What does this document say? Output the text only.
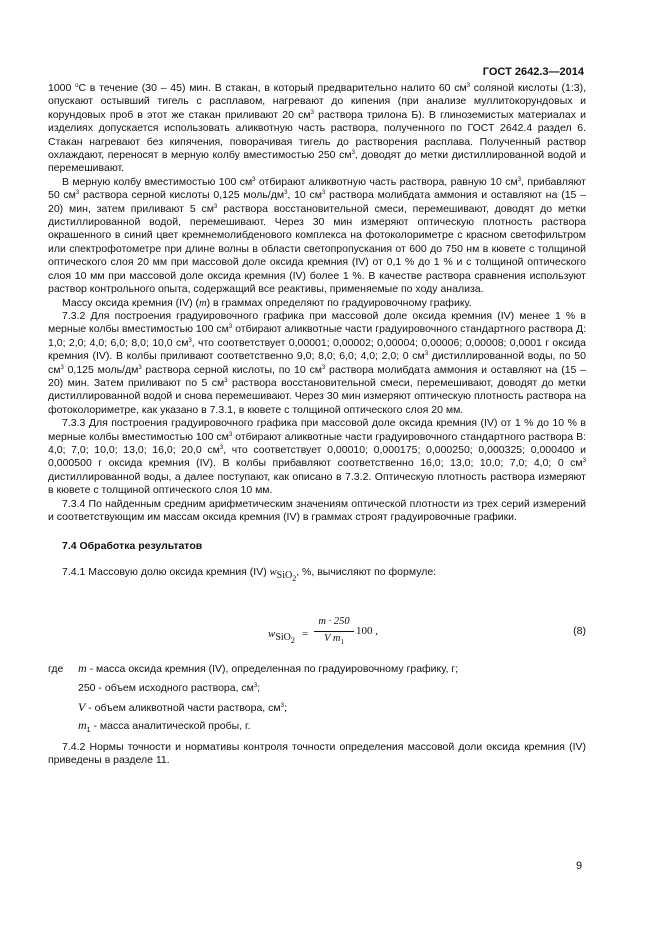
ГОСТ 2642.3—2014

1000 $^о$С в течение (30 – 45) мин. В стакан, в который предварительно налито 60 $см^3$ соляной кислоты (1:3), опускают остывший тигель с расплавом, нагревают до кипения (при анализе муллитокорундовых и корундовых проб в этот же стакан приливают 20 $см^3$ раствора трилона Б). В глиноземистых материалах и изделиях допускается использовать аликвотную часть раствора, полученного по ГОСТ 2642.4 раздел 6. Стакан нагревают без кипячения, поворачивая тигель до растворения расплава. Полученный раствор охлаждают, переносят в мерную колбу вместимостью 250 $см^3$, доводят до метки дистиллированной водой и перемешивают.

В мерную колбу вместимостью 100 $см^3$ отбирают аликвотную часть раствора, равную 10 $см^3$, прибавляют 50 $см^3$ раствора серной кислоты 0,125 моль/$дм^3$, 10 $см^3$ раствора молибдата аммония и оставляют на (15 – 20) мин, затем приливают 5 $см^3$ раствора восстановительной смеси, перемешивают, доводят до метки дистиллированной водой, перемешивают. Через 30 мин измеряют оптическую плотность раствора окрашенного в синий цвет кремнемолибденового комплекса на фотоколориметре с красном светофильтром или спектрофотометре при длине волны в области светопропускания от 600 до 750 нм в кювете с толщиной оптического слоя 20 мм при массовой доле оксида кремния (IV) от 0,1 % до 1 % и с толщиной оптического слоя 10 мм при массовой доле оксида кремния (IV) более 1 %. В качестве раствора сравнения используют раствор контрольного опыта, содержащий все реактивы, применяемые по ходу анализа.

Массу оксида кремния (IV) (m) в граммах определяют по градуировочному графику.

7.3.2 Для построения градуировочного графика при массовой доле оксида кремния (IV) менее 1 % в мерные колбы вместимостью 100 $см^3$ отбирают аликвотные части градуировочного стандартного раствора Д: 1,0; 2,0; 4,0; 6,0; 8,0; 10,0 $см^3$, что соответствует 0,00001; 0,00002; 0,00004; 0,00006; 0,00008; 0,0001 г оксида кремния (IV). В колбы приливают соответственно 9,0; 8,0; 6,0; 4,0; 2,0; 0 $см^3$ дистиллированной воды, по 50 $см^3$ 0,125 моль/$дм^3$ раствора серной кислоты, по 10 $см^3$ раствора молибдата аммония и оставляют на (15 – 20) мин. Затем приливают по 5 $см^3$ раствора восстановительной смеси, перемешивают, доводят до метки дистиллированной водой и снова перемешивают. Через 30 мин измеряют оптическую плотность раствора на фотоколориметре, как указано в 7.3.1, в кювете с толщиной оптического слоя 20 мм.

7.3.3 Для построения градуировочного графика при массовой доле оксида кремния (IV) от 1 % до 10 % в мерные колбы вместимостью 100 $см^3$ отбирают аликвотные части градуировочного стандартного раствора В: 4,0; 7,0; 10,0; 13,0; 16,0; 20,0 $см^3$, что соответствует 0,00010; 0,000175; 0,000250; 0,000325; 0,000400 и 0,000500 г оксида кремния (IV). В колбы прибавляют соответственно 16,0; 13,0; 10,0; 7,0; 4,0; 0 $см^3$ дистиллированной воды, а далее поступают, как описано в 7.3.2. Оптическую плотность раствора измеряют в кювете с толщиной оптического слоя 10 мм.

7.3.4 По найденным средним арифметическим значениям оптической плотности из трех серий измерений и соответствующим им массам оксида кремния (IV) в граммах строят градуировочные графики.

7.4 Обработка результатов

7.4.1 Массовую долю оксида кремния (IV) $w_{SiO_2}$, %, вычисляют по формуле:

$w_{SiO_2}$
=
m · 250
V $m_1$
100 ,	(8)
где m - масса оксида кремния (IV), определенная по градуировочному графику, г;
250 - объем исходного раствора, $см^3$;
V - объем аликвотной части раствора, $см^3$;
$m_1$ - масса аналитической пробы, г.

7.4.2 Нормы точности и нормативы контроля точности определения массовой доли оксида кремния (IV) приведены в разделе 11.

9
